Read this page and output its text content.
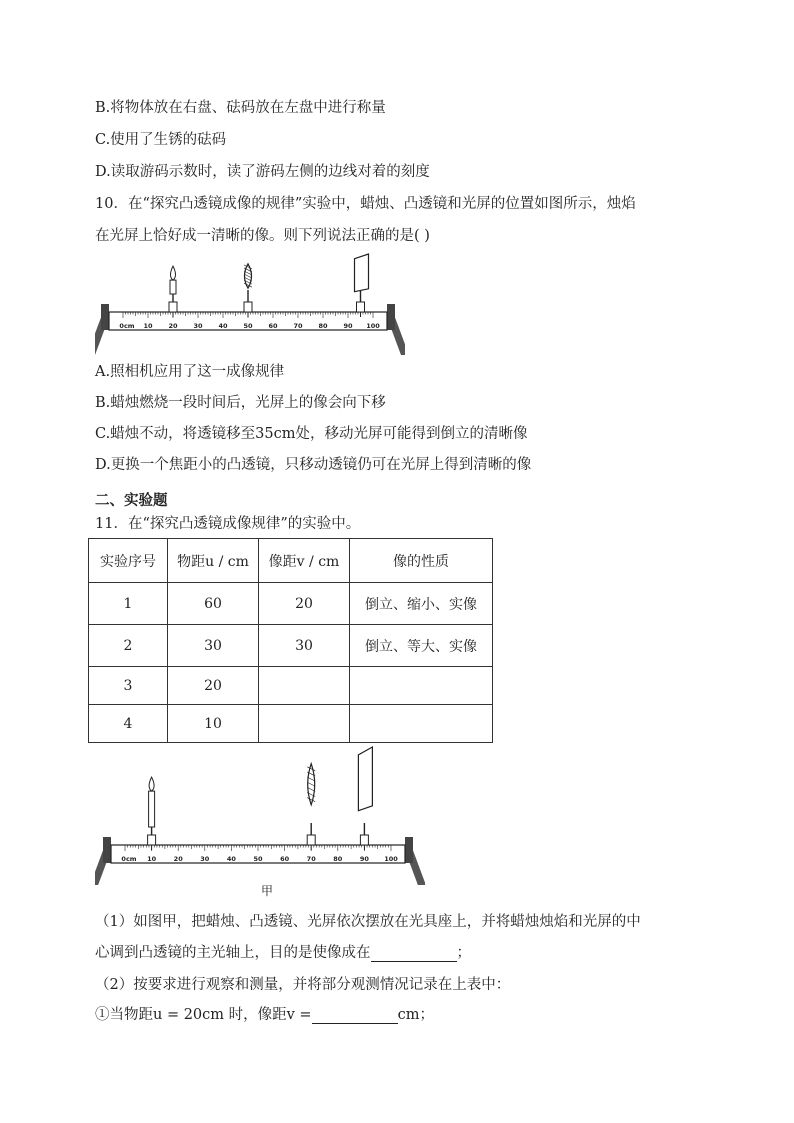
B.将物体放在右盘、砝码放在左盘中进行称量
C.使用了生锈的砝码
D.读取游码示数时，读了游码左侧的边线对着的刻度
10．在“探究凸透镜成像的规律”实验中，蜡烛、凸透镜和光屏的位置如图所示，烛焰
在光屏上恰好成一清晰的像。则下列说法正确的是( )
0cm 10 20 30 40 50 60 70 80 90 100
A.照相机应用了这一成像规律
B.蜡烛燃烧一段时间后，光屏上的像会向下移
C.蜡烛不动，将透镜移至35cm处，移动光屏可能得到倒立的清晰像
D.更换一个焦距小的凸透镜，只移动透镜仍可在光屏上得到清晰的像
二、实验题
11．在“探究凸透镜成像规律”的实验中。
实验序号	物距u / cm	像距v / cm	像的性质
1	60	20	倒立、缩小、实像
2	30	30	倒立、等大、实像
3	20		
4	10		
0cm 10	20	30	40	50	60	70	80	90 100
甲
（1）如图甲，把蜡烛、凸透镜、光屏依次摆放在光具座上，并将蜡烛烛焰和光屏的中
心调到凸透镜的主光轴上，目的是使像成在	；
（2）按要求进行观察和测量，并将部分观测情况记录在上表中：
①当物距u = 20cm 时，像距v =	cm；
